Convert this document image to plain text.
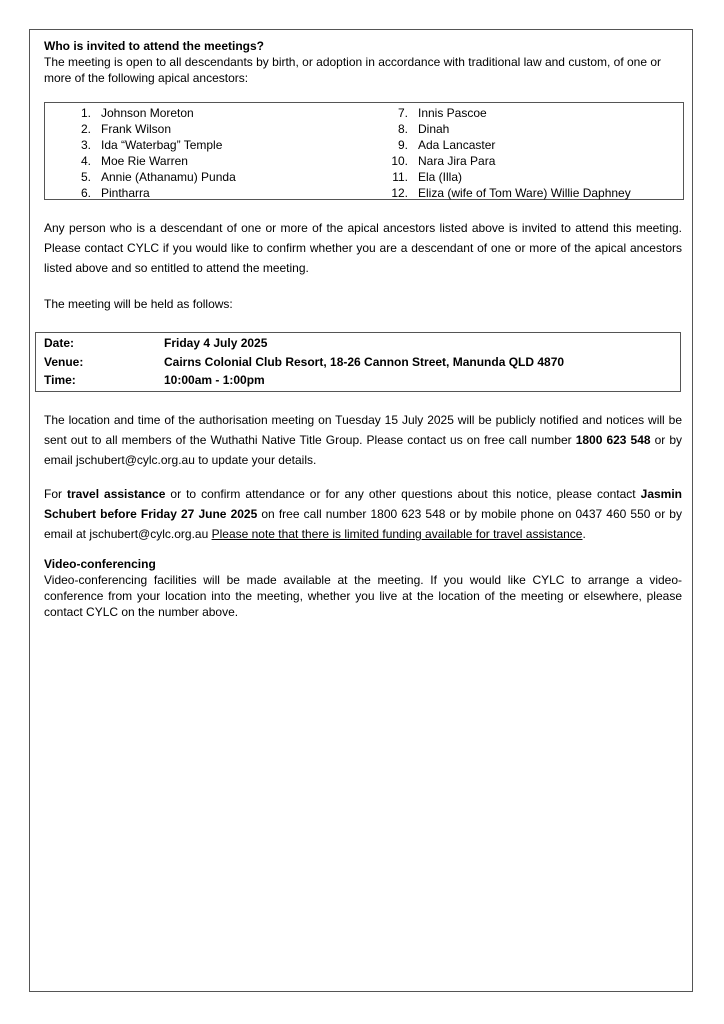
Who is invited to attend the meetings?

The meeting is open to all descendants by birth, or adoption in accordance with traditional law and custom, of one or more of the following apical ancestors:

1. Johnson Moreton
2. Frank Wilson
3. Ida “Waterbag” Temple
4. Moe Rie Warren
5. Annie (Athanamu) Punda
6. Pintharra
7. Innis Pascoe
8. Dinah
9. Ada Lancaster
10. Nara Jira Para
11. Ela (Illa)
12. Eliza (wife of Tom Ware) Willie Daphney

Any person who is a descendant of one or more of the apical ancestors listed above is invited to attend this meeting. Please contact CYLC if you would like to confirm whether you are a descendant of one or more of the apical ancestors listed above and so entitled to attend the meeting.

The meeting will be held as follows:

Date:	Friday 4 July 2025
Venue:	Cairns Colonial Club Resort, 18-26 Cannon Street, Manunda QLD 4870
Time:	10:00am - 1:00pm

The location and time of the authorisation meeting on Tuesday 15 July 2025 will be publicly notified and notices will be sent out to all members of the Wuthathi Native Title Group. Please contact us on free call number 1800 623 548 or by email jschubert@cylc.org.au to update your details.

For travel assistance or to confirm attendance or for any other questions about this notice, please contact Jasmin Schubert before Friday 27 June 2025 on free call number 1800 623 548 or by mobile phone on 0437 460 550 or by email at jschubert@cylc.org.au Please note that there is limited funding available for travel assistance.

Video-conferencing

Video-conferencing facilities will be made available at the meeting. If you would like CYLC to arrange a video-conference from your location into the meeting, whether you live at the location of the meeting or elsewhere, please contact CYLC on the number above.
